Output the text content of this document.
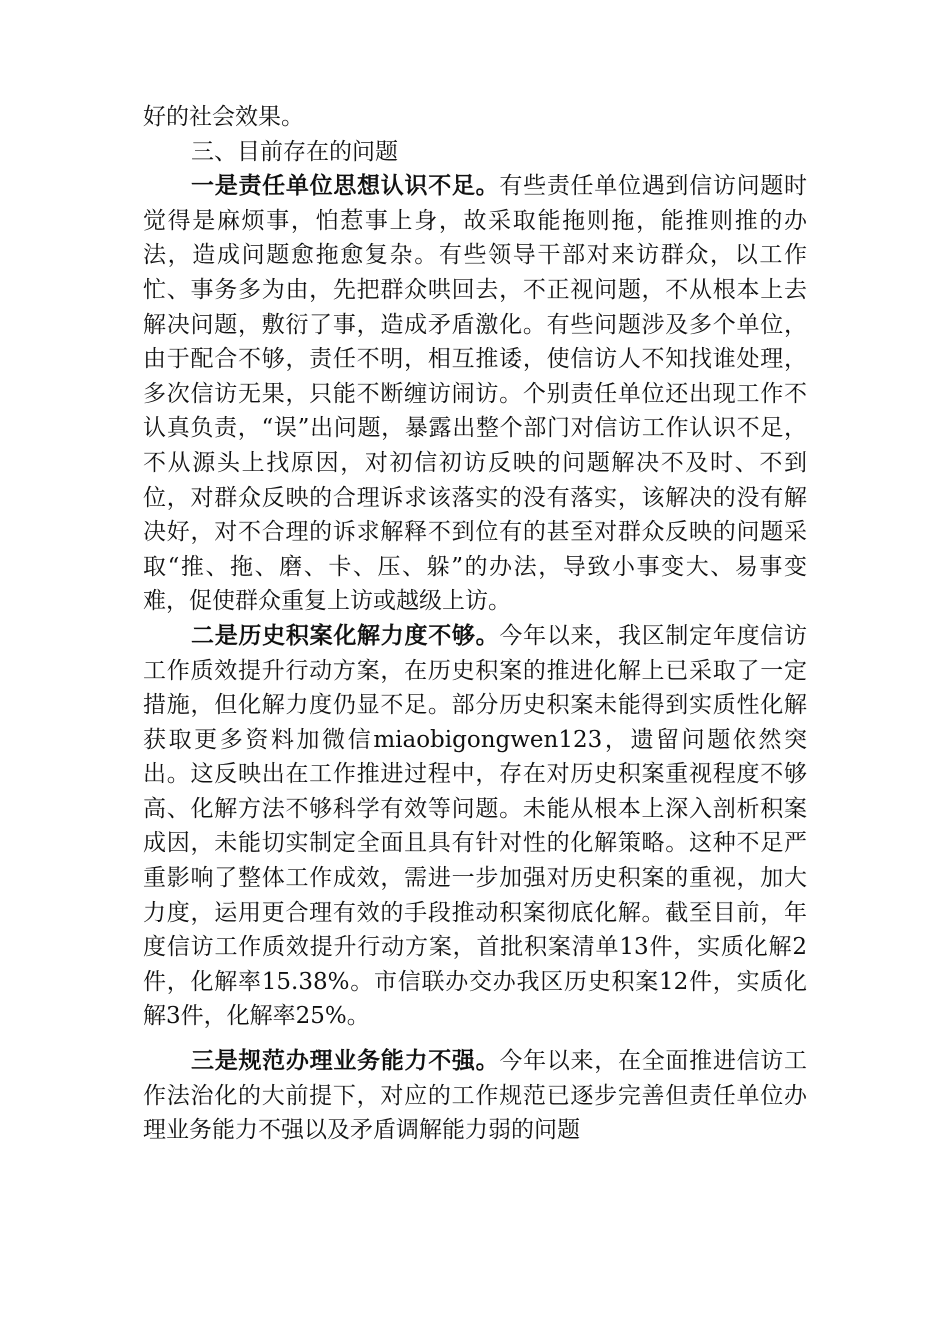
好的社会效果。

三、目前存在的问题

一是责任单位思想认识不足。有些责任单位遇到信访问题时觉得是麻烦事，怕惹事上身，故采取能拖则拖，能推则推的办法，造成问题愈拖愈复杂。有些领导干部对来访群众，以工作忙、事务多为由，先把群众哄回去，不正视问题，不从根本上去解决问题，敷衍了事，造成矛盾激化。有些问题涉及多个单位，由于配合不够，责任不明，相互推诿，使信访人不知找谁处理，多次信访无果，只能不断缠访闹访。个别责任单位还出现工作不认真负责，“误”出问题，暴露出整个部门对信访工作认识不足，不从源头上找原因，对初信初访反映的问题解决不及时、不到位，对群众反映的合理诉求该落实的没有落实，该解决的没有解决好，对不合理的诉求解释不到位有的甚至对群众反映的问题采取“推、拖、磨、卡、压、躲”的办法，导致小事变大、易事变难，促使群众重复上访或越级上访。

二是历史积案化解力度不够。今年以来，我区制定年度信访工作质效提升行动方案，在历史积案的推进化解上已采取了一定措施，但化解力度仍显不足。部分历史积案未能得到实质性化解获取更多资料加微信miaobigongwen123，遗留问题依然突出。这反映出在工作推进过程中，存在对历史积案重视程度不够高、化解方法不够科学有效等问题。未能从根本上深入剖析积案成因，未能切实制定全面且具有针对性的化解策略。这种不足严重影响了整体工作成效，需进一步加强对历史积案的重视，加大力度，运用更合理有效的手段推动积案彻底化解。截至目前，年度信访工作质效提升行动方案，首批积案清单13件，实质化解2件，化解率15.38%。市信联办交办我区历史积案12件，实质化解3件，化解率25%。

三是规范办理业务能力不强。今年以来，在全面推进信访工作法治化的大前提下，对应的工作规范已逐步完善但责任单位办理业务能力不强以及矛盾调解能力弱的问题
